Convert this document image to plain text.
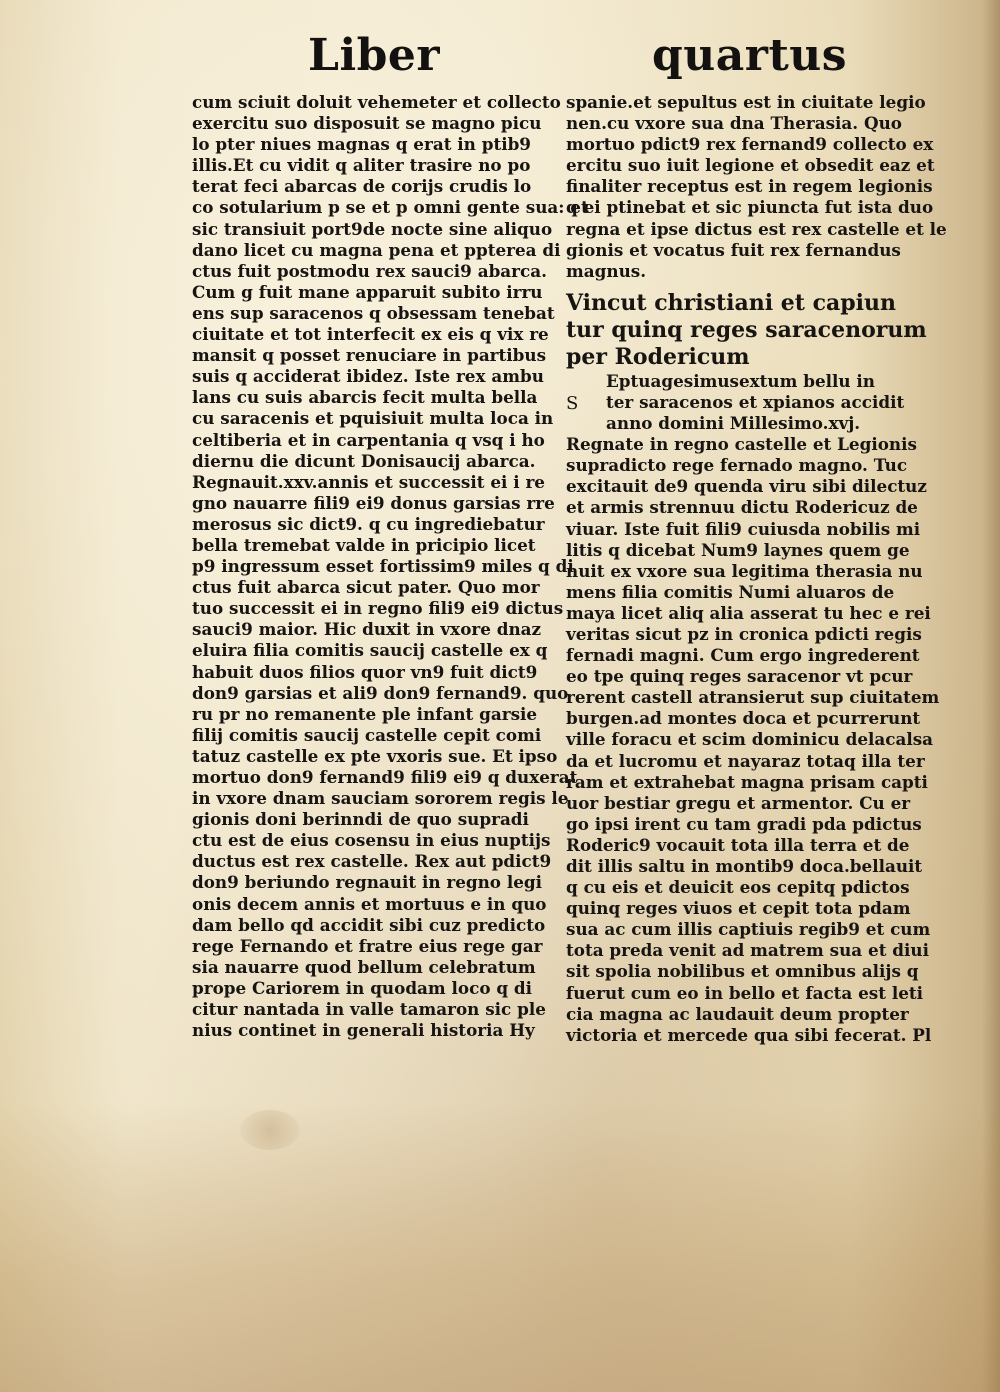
Liber	quartus
cum sciuit doluit vehemeter et collecto
exercitu suo disposuit se magno picu
lo pter niues magnas q erat in ptib9
illis.Et cu vidit q aliter trasire no po
terat feci abarcas de corijs crudis lo
co sotularium p se et p omni gente sua: et
sic transiuit port9de nocte sine aliquo
dano licet cu magna pena et ppterea di
ctus fuit postmodu rex sauci9 abarca.
Cum g fuit mane apparuit subito irru
ens sup saracenos q obsessam tenebat
ciuitate et tot interfecit ex eis q vix re
mansit q posset renuciare in partibus
suis q acciderat ibidez. Iste rex ambu
lans cu suis abarcis fecit multa bella
cu saracenis et pquisiuit multa loca in
celtiberia et in carpentania q vsq i ho
diernu die dicunt Donisaucij abarca.
Regnauit.xxv.annis et successit ei i re
gno nauarre fili9 ei9 donus garsias rre
merosus sic dict9. q cu ingrediebatur
bella tremebat valde in pricipio licet
p9 ingressum esset fortissim9 miles q di
ctus fuit abarca sicut pater. Quo mor
tuo successit ei in regno fili9 ei9 dictus
sauci9 maior. Hic duxit in vxore dnaz
eluira filia comitis saucij castelle ex q
habuit duos filios quor vn9 fuit dict9
don9 garsias et ali9 don9 fernand9. quo
ru pr no remanente ple infant garsie
filij comitis saucij castelle cepit comi
tatuz castelle ex pte vxoris sue. Et ipso
mortuo don9 fernand9 fili9 ei9 q duxerat
in vxore dnam sauciam sororem regis le
gionis doni berinndi de quo supradi
ctu est de eius cosensu in eius nuptijs
ductus est rex castelle. Rex aut pdict9
don9 beriundo regnauit in regno legi
onis decem annis et mortuus e in quo
dam bello qd accidit sibi cuz predicto
rege Fernando et fratre eius rege gar
sia nauarre quod bellum celebratum
prope Cariorem in quodam loco q di
citur nantada in valle tamaron sic ple
nius continet in generali historia Hy
spanie.et sepultus est in ciuitate legio
nen.cu vxore sua dna Therasia. Quo
mortuo pdict9 rex fernand9 collecto ex
ercitu suo iuit legione et obsedit eaz et
finaliter receptus est in regem legionis
q ei ptinebat et sic piuncta fut ista duo
regna et ipse dictus est rex castelle et le
gionis et vocatus fuit rex fernandus
magnus.
Vincut christiani et capiun
tur quinq reges saracenorum
per Rodericum
S
Eptuagesimusextum bellu in
ter saracenos et xpianos accidit
anno domini Millesimo.xvj.
Regnate in regno castelle et Legionis
supradicto rege fernado magno. Tuc
excitauit de9 quenda viru sibi dilectuz
et armis strennuu dictu Rodericuz de
viuar. Iste fuit fili9 cuiusda nobilis mi
litis q dicebat Num9 laynes quem ge
nuit ex vxore sua legitima therasia nu
mens filia comitis Numi aluaros de
maya licet aliq alia asserat tu hec e rei
veritas sicut pz in cronica pdicti regis
fernadi magni. Cum ergo ingrederent
eo tpe quinq reges saracenor vt pcur
rerent castell atransierut sup ciuitatem
burgen.ad montes doca et pcurrerunt
ville foracu et scim dominicu delacalsa
da et lucromu et nayaraz totaq illa ter
ram et extrahebat magna prisam capti
uor bestiar gregu et armentor. Cu er
go ipsi irent cu tam gradi pda pdictus
Roderic9 vocauit tota illa terra et de
dit illis saltu in montib9 doca.bellauit
q cu eis et deuicit eos cepitq pdictos
quinq reges viuos et cepit tota pdam
sua ac cum illis captiuis regib9 et cum
tota preda venit ad matrem sua et diui
sit spolia nobilibus et omnibus alijs q
fuerut cum eo in bello et facta est leti
cia magna ac laudauit deum propter
victoria et mercede qua sibi fecerat. Pl
